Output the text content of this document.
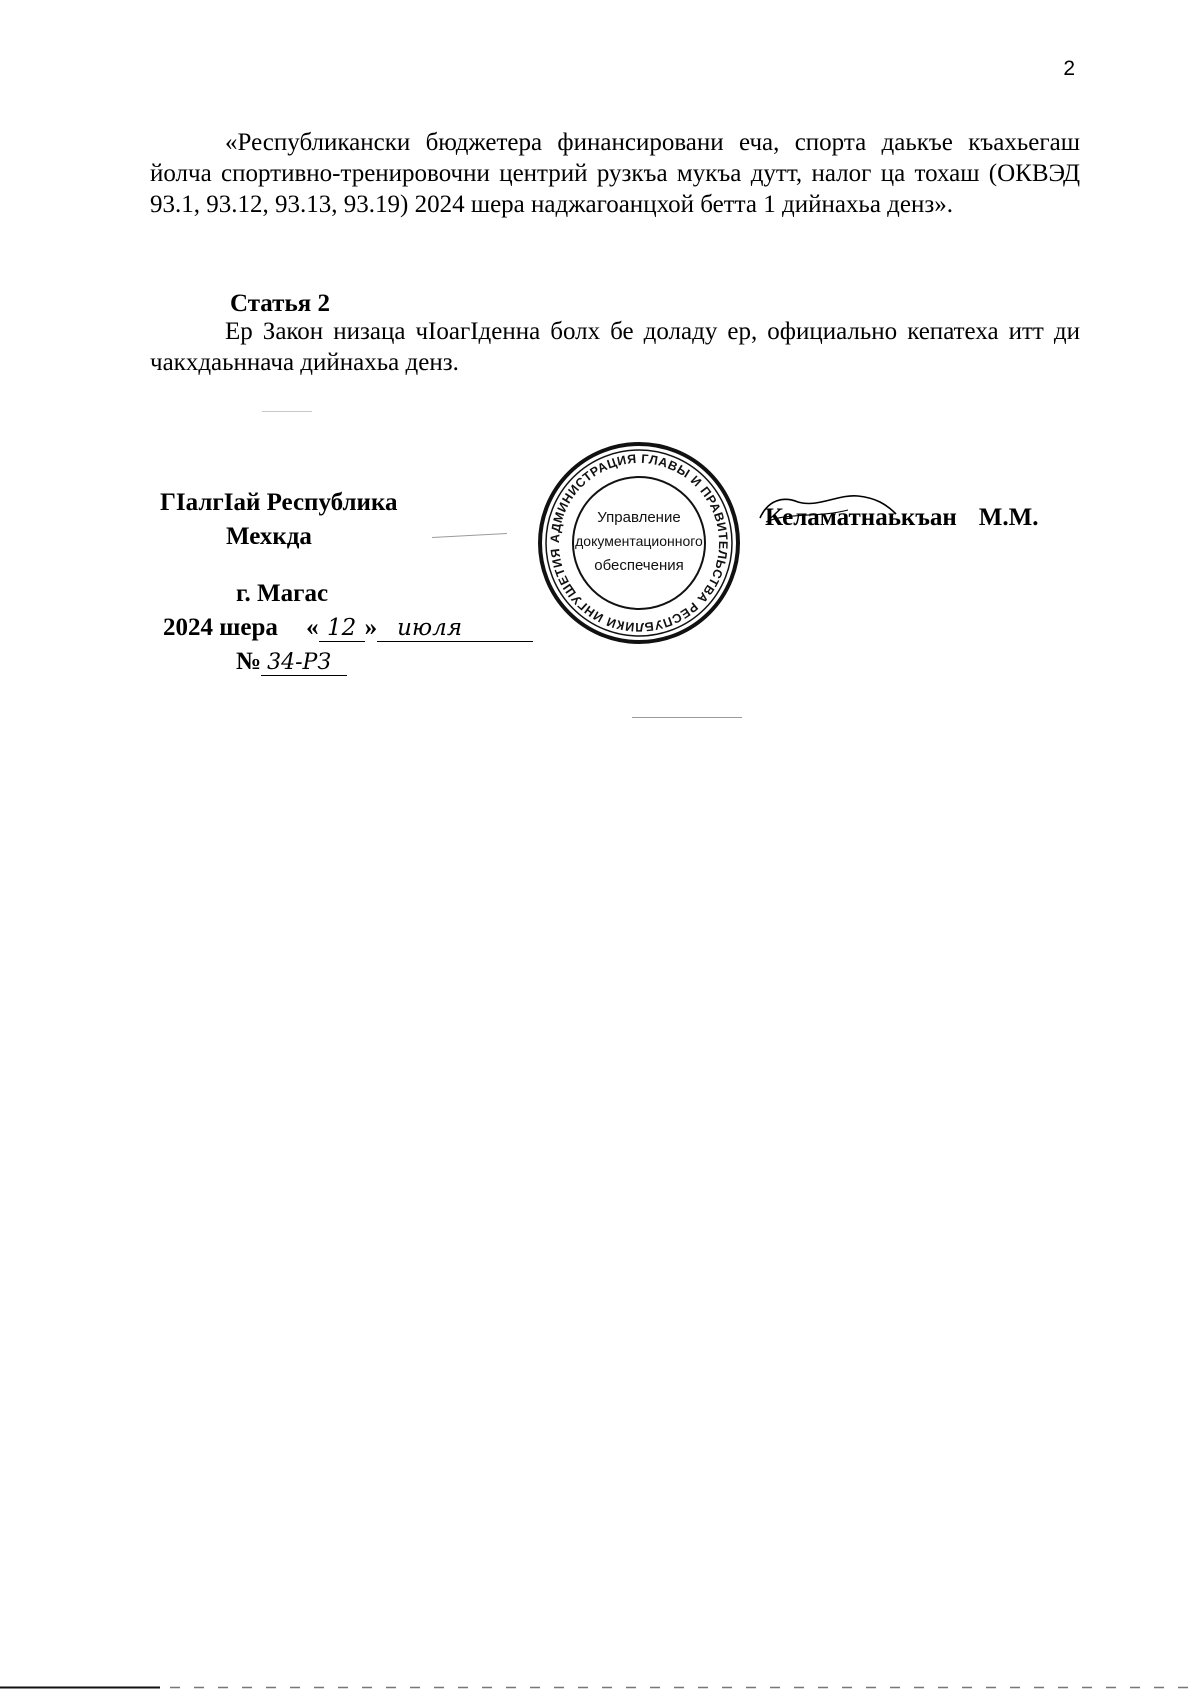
2
«Республикански бюджетера финансировани еча, спорта даькъе къахьегаш йолча спортивно-тренировочни центрий рузкъа мукъа дутт, налог ца тохаш (ОКВЭД 93.1, 93.12, 93.13, 93.19) 2024 шера наджагоанцхой бетта 1 дийнахьа денз».
Статья 2
Ер Закон низаца чIоагIденна болх бе доладу ер, официально кепатеха итт ди чакхдаьннача дийнахьа денз.
ГIалгIай Республика
Мехкда
Келаматнаькъан М.М.
АДМИНИСТРАЦИЯ ГЛАВЫ И ПРАВИТЕЛЬСТВА РЕСПУБЛИКИ ИНГУШЕТИЯ
Управление
документационного
обеспечения
г. Магас
2024 шера « 12 » июля
№ 34-РЗ
